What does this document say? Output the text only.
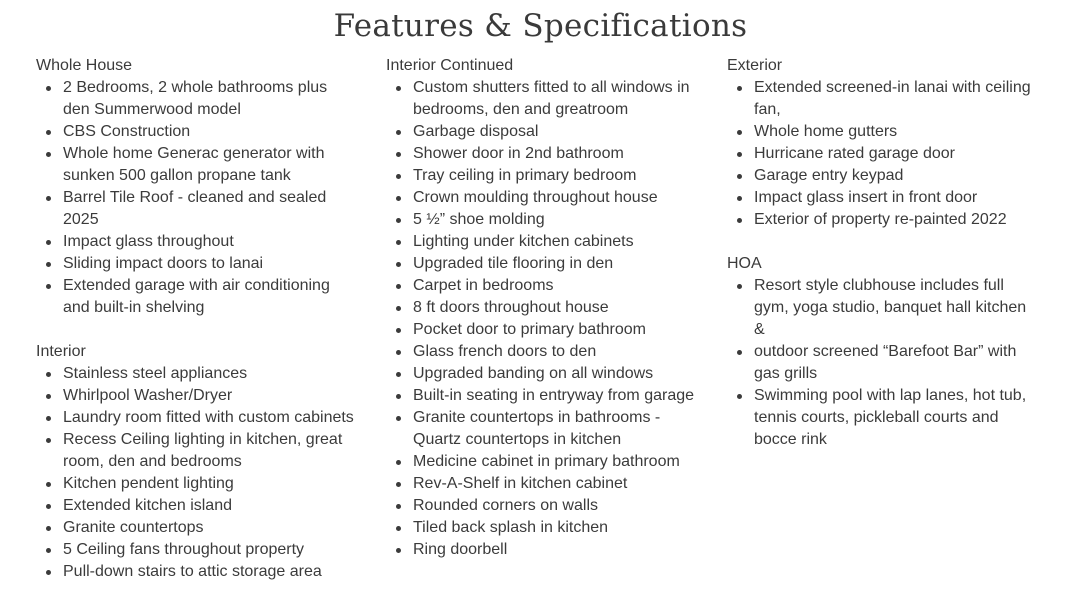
Features & Specifications
Whole House
2 Bedrooms, 2 whole bathrooms plus den Summerwood model
CBS Construction
Whole home Generac generator with sunken 500 gallon propane tank
Barrel Tile Roof - cleaned and sealed 2025
Impact glass throughout
Sliding impact doors to lanai
Extended garage with air conditioning and built-in shelving
Interior
Stainless steel appliances
Whirlpool Washer/Dryer
Laundry room fitted with custom cabinets
Recess Ceiling lighting in kitchen, great room, den and bedrooms
Kitchen pendent lighting
Extended kitchen island
Granite countertops
5 Ceiling fans throughout property
Pull-down stairs to attic storage area
Interior Continued
Custom shutters fitted to all windows in bedrooms, den and greatroom
Garbage disposal
Shower door in 2nd bathroom
Tray ceiling in primary bedroom
Crown moulding throughout house
5 ½” shoe molding
Lighting under kitchen cabinets
Upgraded tile flooring in den
Carpet in bedrooms
8 ft doors throughout house
Pocket door to primary bathroom
Glass french doors to den
Upgraded banding on all windows
Built-in seating in entryway from garage
Granite countertops in bathrooms - Quartz countertops in kitchen
Medicine cabinet in primary bathroom
Rev-A-Shelf in kitchen cabinet
Rounded corners on walls
Tiled back splash in kitchen
Ring doorbell
Exterior
Extended screened-in lanai with ceiling fan,
Whole home gutters
Hurricane rated garage door
Garage entry keypad
Impact glass insert in front door
Exterior of property re-painted 2022
HOA
Resort style clubhouse includes full gym, yoga studio, banquet hall kitchen &
outdoor screened “Barefoot Bar” with gas grills
Swimming pool with lap lanes, hot tub, tennis courts, pickleball courts and bocce rink
